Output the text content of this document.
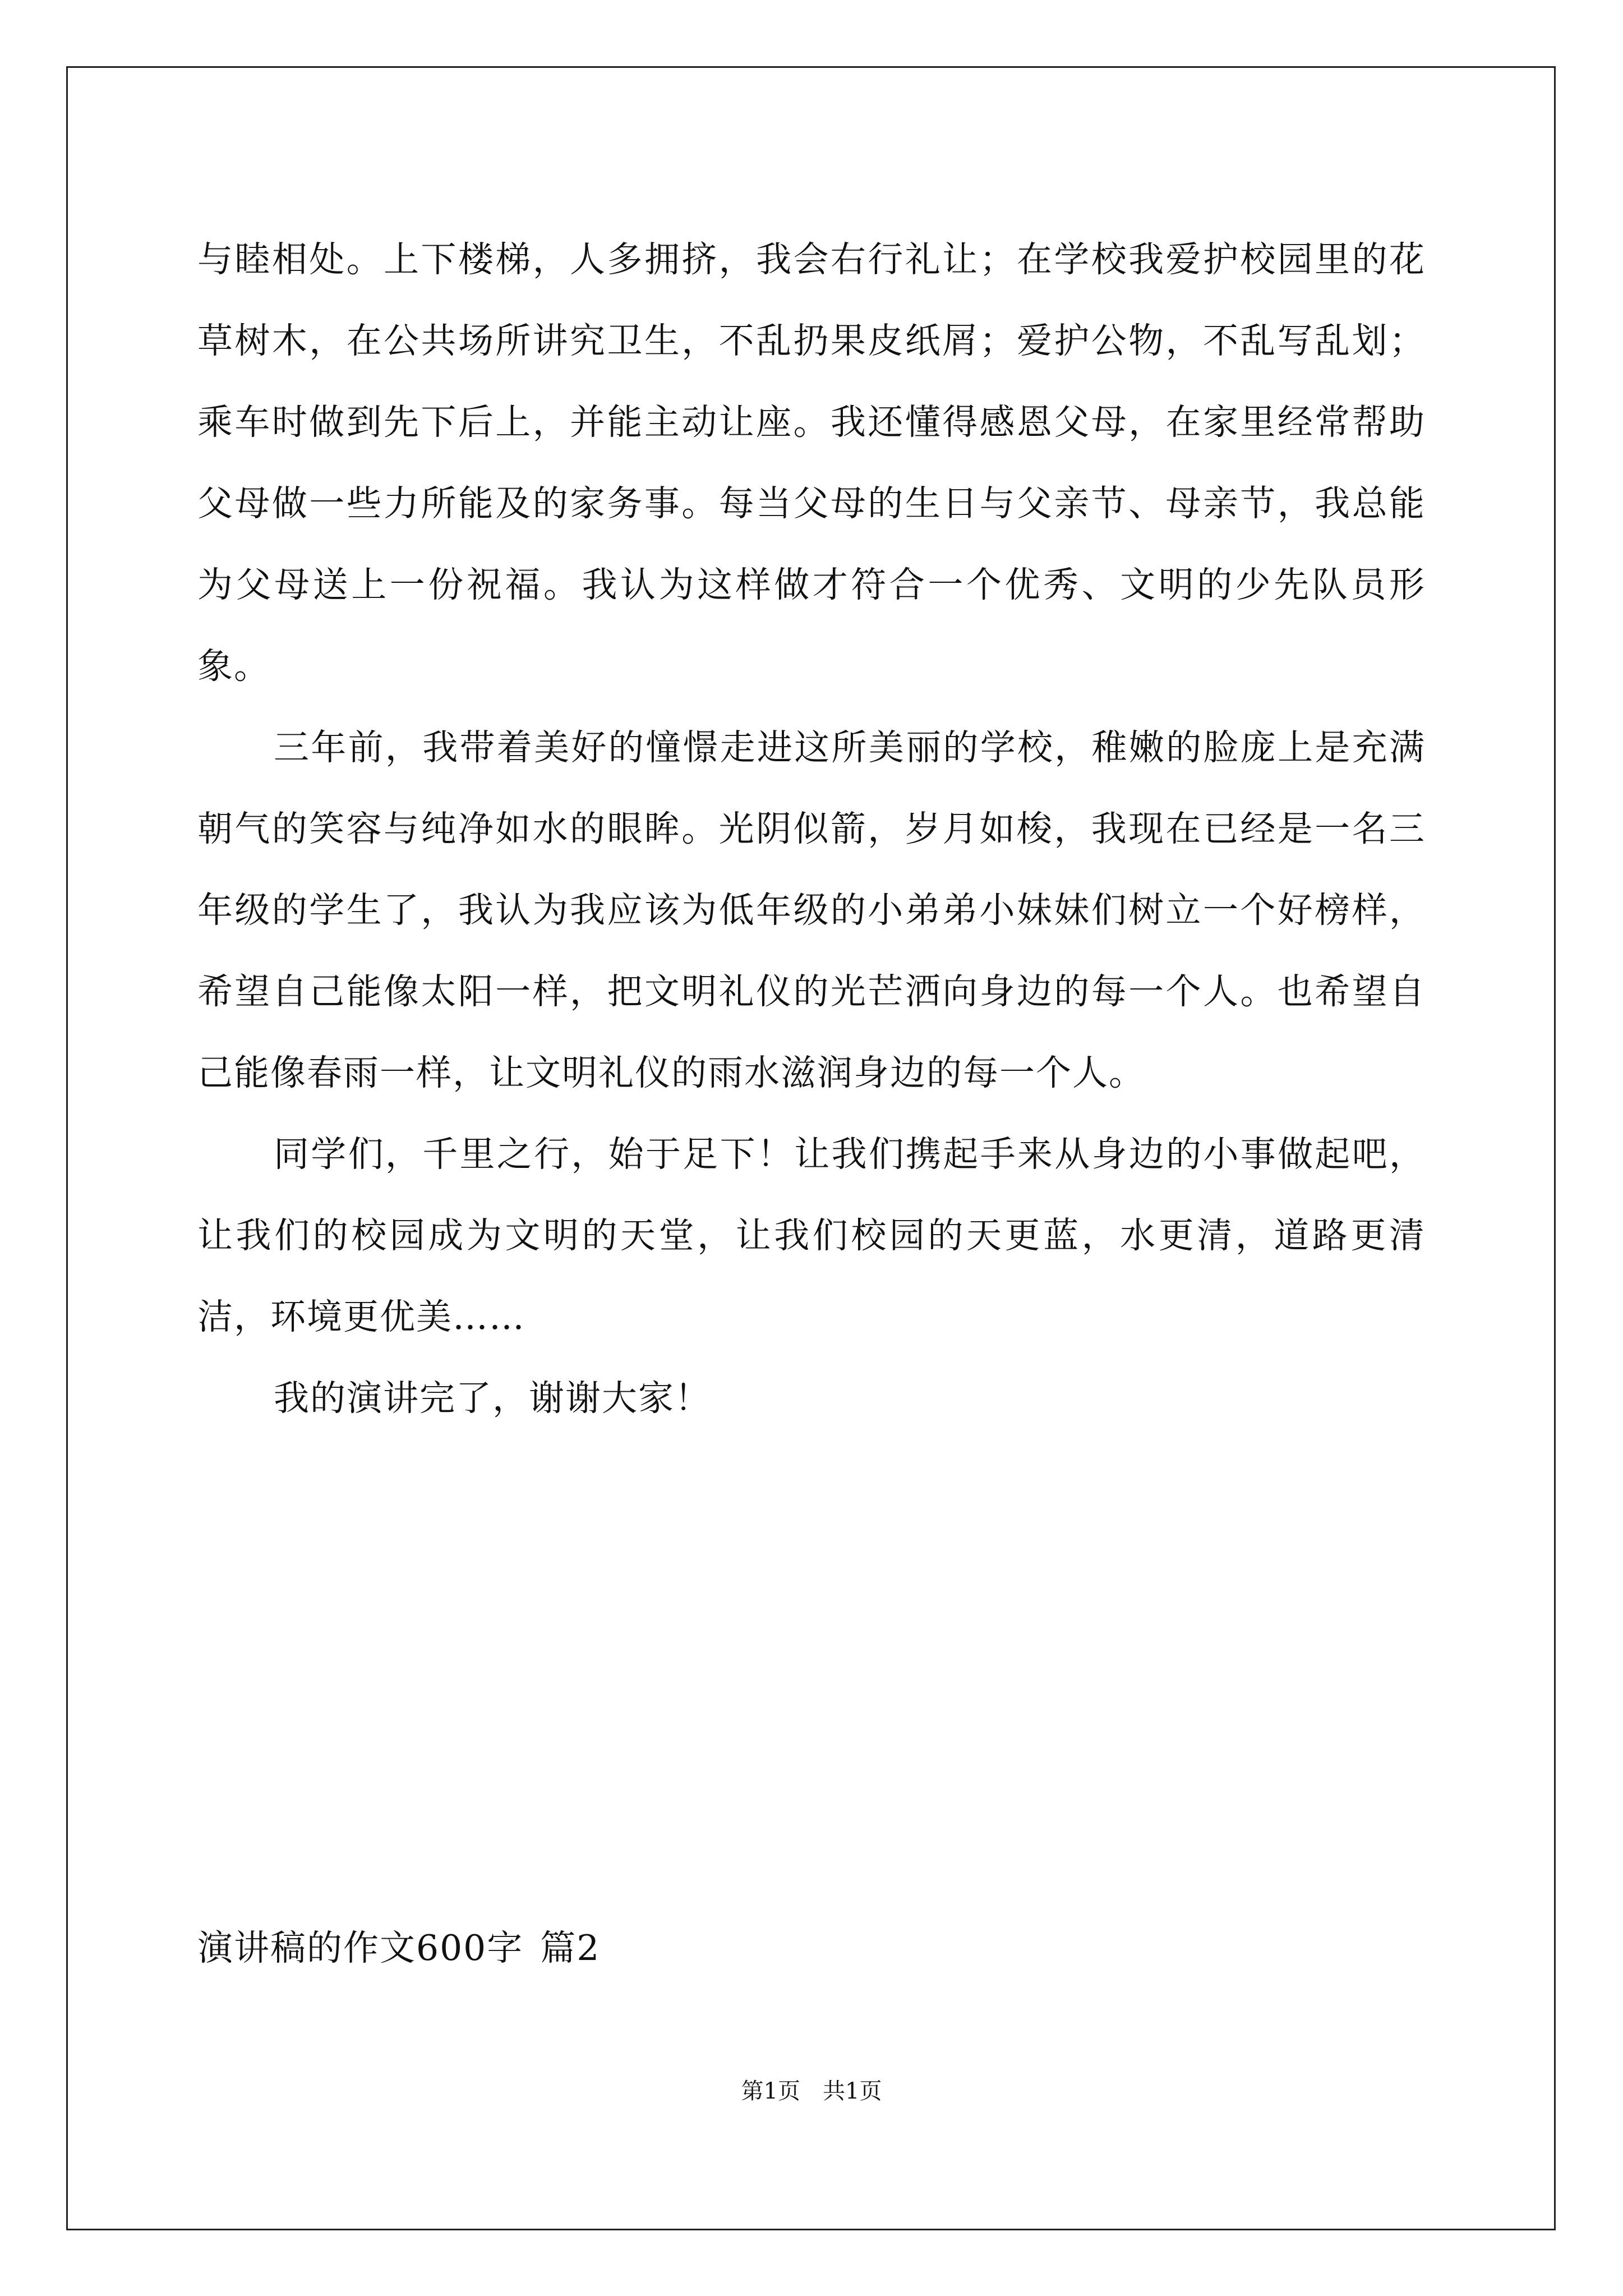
与睦相处。上下楼梯，人多拥挤，我会右行礼让；在学校我爱护校园里的花草树木，在公共场所讲究卫生，不乱扔果皮纸屑；爱护公物，不乱写乱划；乘车时做到先下后上，并能主动让座。我还懂得感恩父母，在家里经常帮助父母做一些力所能及的家务事。每当父母的生日与父亲节、母亲节，我总能为父母送上一份祝福。我认为这样做才符合一个优秀、文明的少先队员形象。

三年前，我带着美好的憧憬走进这所美丽的学校，稚嫩的脸庞上是充满朝气的笑容与纯净如水的眼眸。光阴似箭，岁月如梭，我现在已经是一名三年级的学生了，我认为我应该为低年级的小弟弟小妹妹们树立一个好榜样，希望自己能像太阳一样，把文明礼仪的光芒洒向身边的每一个人。也希望自己能像春雨一样，让文明礼仪的雨水滋润身边的每一个人。

同学们，千里之行，始于足下！让我们携起手来从身边的小事做起吧，让我们的校园成为文明的天堂，让我们校园的天更蓝，水更清，道路更清洁，环境更优美……

我的演讲完了，谢谢大家！

演讲稿的作文600字 篇2

第1页 共1页
